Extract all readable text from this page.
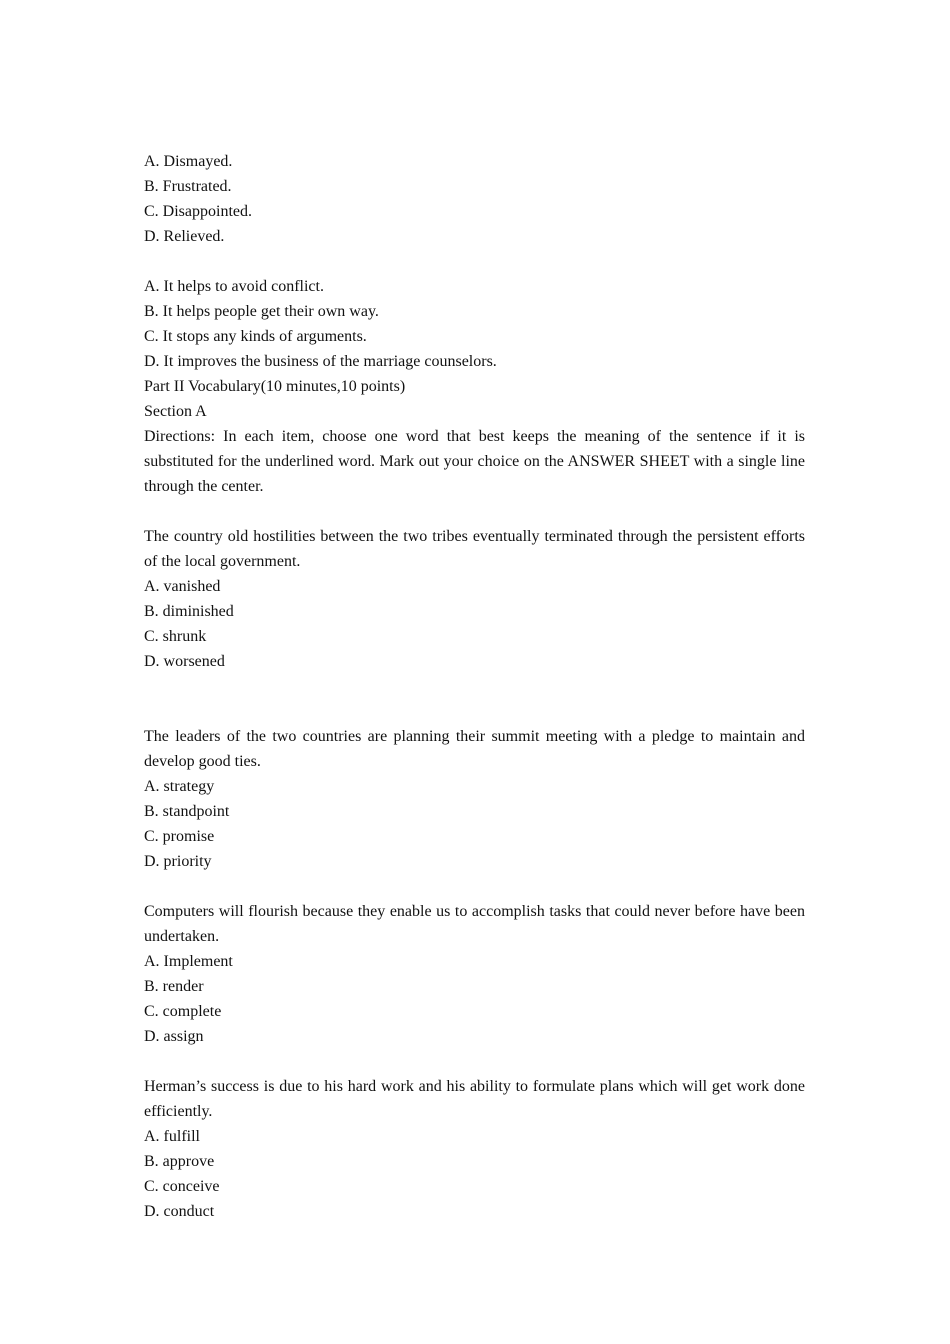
A. Dismayed.
B. Frustrated.
C. Disappointed.
D. Relieved.
A. It helps to avoid conflict.
B. It helps people get their own way.
C. It stops any kinds of arguments.
D. It improves the business of the marriage counselors.
Part II Vocabulary(10 minutes,10 points)
Section A
Directions: In each item, choose one word that best keeps the meaning of the sentence if it is substituted for the underlined word. Mark out your choice on the ANSWER SHEET with a single line through the center.
The country old hostilities between the two tribes eventually terminated through the persistent efforts of the local government.
A. vanished
B. diminished
C. shrunk
D. worsened
The leaders of the two countries are planning their summit meeting with a pledge to maintain and develop good ties.
A. strategy
B. standpoint
C. promise
D. priority
Computers will flourish because they enable us to accomplish tasks that could never before have been undertaken.
A. Implement
B. render
C. complete
D. assign
Herman’s success is due to his hard work and his ability to formulate plans which will get work done efficiently.
A. fulfill
B. approve
C. conceive
D. conduct
